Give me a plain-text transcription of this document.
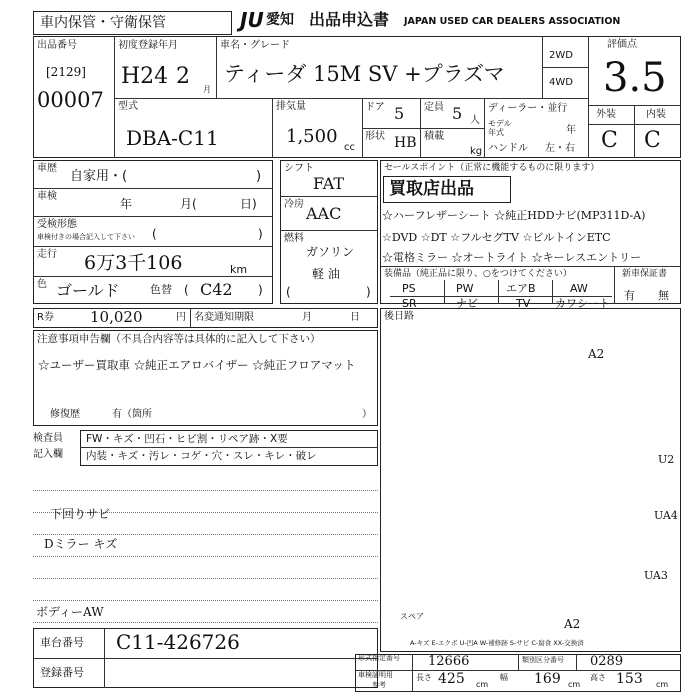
車内保管・守衛保管	JU 愛知 出品申込書 JAPAN USED CAR DEALERS ASSOCIATION
出品番号
[2129]
00007
初度登録年月
H24 2
月
車名・グレード
ティーダ 15M SV +プラズマ
2WD
4WD
評価点
3.5
外装	内装
C C
型式
DBA-C11
排気量
1,500
cc
ドア 5 定員 5 人
形状 HB 積載
kg
ディーラー・並行
モデル
年式	年
ハンドル 左・右
車歴
自家用・(	)
車検
年	月(	日)
受検形態
車検付きの場合記入して下さい (	)
走行 6万3千106	km
色 ゴールド	色替 ( C42 )
シフト
FAT
冷房 AAC
燃料
ガソリン
軽 油
(	)
セールスポイント（正常に機能するものに限ります）
買取店出品
☆ハーフレザーシート ☆純正HDDナビ(MP311D-A)
☆DVD ☆DT ☆フルセグTV ☆ビルトインETC
☆電格ミラー ☆オートライト ☆キーレスエントリー
装備品（純正品に限り、○をつけてください）	新車保証書
有 無
PS	PW	エアB	AW
SR	ナビ	TV カワシート
R券 10,020	円 名変通知期限	月	日
注意事項申告欄（不具合内容等は具体的に記入して下さい）
☆ユーザー買取車 ☆純正エアロバイザー ☆純正フロアマット
修復歴	有（箇所	）
検査員
記入欄
FW・キズ・凹石・ヒビ割・リペア跡・X要
内装・キズ・汚レ・コゲ・穴・スレ・キレ・破レ
下回りサビ
Dミラー キズ
ボディーAW
車台番号 C11-426726
登録番号
後日路
A2
U2
UA4
UA3
A2
スペア
A-キズ E-エクボ U-凹A W-補修跡 S-サビ C-腐食 XX-交換済
形式指定番号 12666	類別区分番号 0289
車検証明用
参考
長さ 425 cm
幅 169 cm
高さ 153 cm
